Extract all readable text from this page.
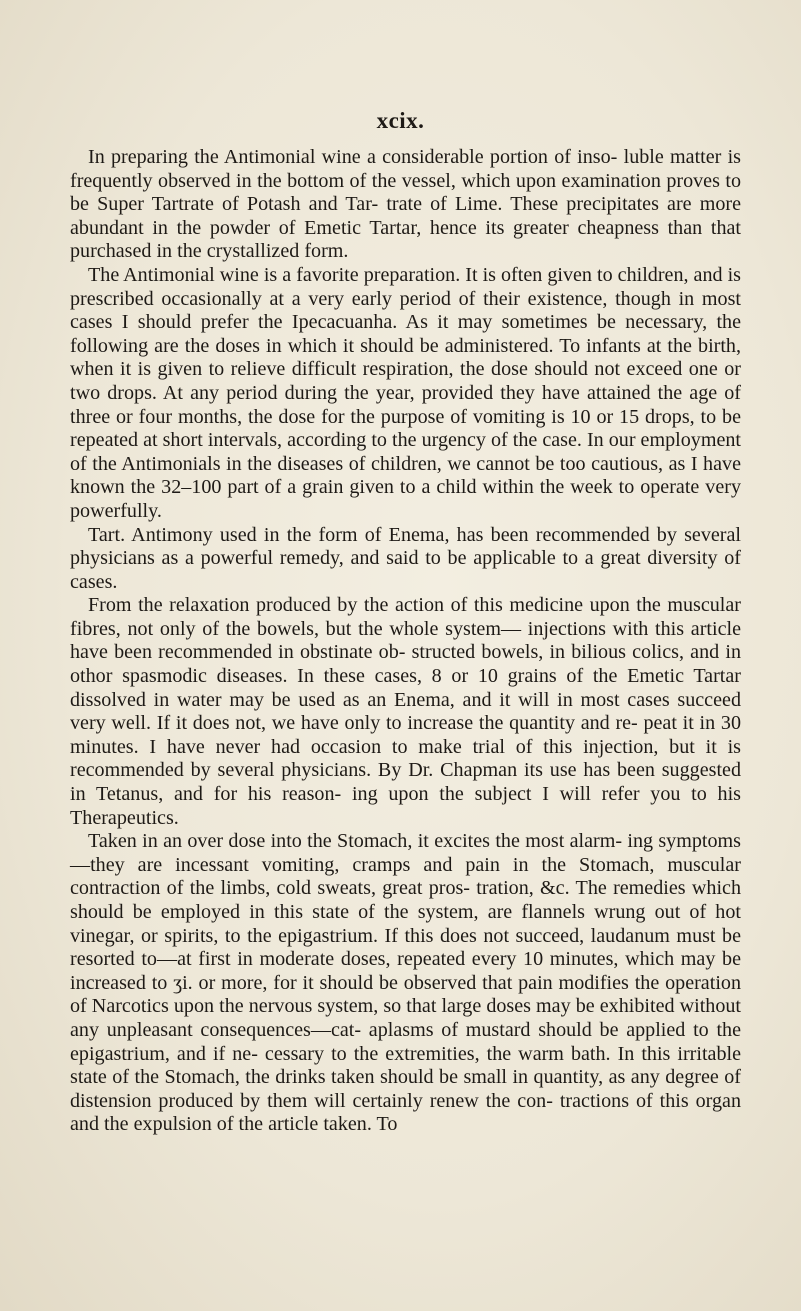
xcix.

In preparing the Antimonial wine a considerable portion of inso- luble matter is frequently observed in the bottom of the vessel, which upon examination proves to be Super Tartrate of Potash and Tar- trate of Lime. These precipitates are more abundant in the powder of Emetic Tartar, hence its greater cheapness than that purchased in the crystallized form.

The Antimonial wine is a favorite preparation. It is often given to children, and is prescribed occasionally at a very early period of their existence, though in most cases I should prefer the Ipecacuanha. As it may sometimes be necessary, the following are the doses in which it should be administered. To infants at the birth, when it is given to relieve difficult respiration, the dose should not exceed one or two drops. At any period during the year, provided they have attained the age of three or four months, the dose for the purpose of vomiting is 10 or 15 drops, to be repeated at short intervals, according to the urgency of the case. In our employment of the Antimonials in the diseases of children, we cannot be too cautious, as I have known the 32–100 part of a grain given to a child within the week to operate very powerfully.

Tart. Antimony used in the form of Enema, has been recommended by several physicians as a powerful remedy, and said to be applicable to a great diversity of cases.

From the relaxation produced by the action of this medicine upon the muscular fibres, not only of the bowels, but the whole system— injections with this article have been recommended in obstinate ob- structed bowels, in bilious colics, and in othor spasmodic diseases. In these cases, 8 or 10 grains of the Emetic Tartar dissolved in water may be used as an Enema, and it will in most cases succeed very well. If it does not, we have only to increase the quantity and re- peat it in 30 minutes. I have never had occasion to make trial of this injection, but it is recommended by several physicians. By Dr. Chapman its use has been suggested in Tetanus, and for his reason- ing upon the subject I will refer you to his Therapeutics.

Taken in an over dose into the Stomach, it excites the most alarm- ing symptoms—they are incessant vomiting, cramps and pain in the Stomach, muscular contraction of the limbs, cold sweats, great pros- tration, &c. The remedies which should be employed in this state of the system, are flannels wrung out of hot vinegar, or spirits, to the epigastrium. If this does not succeed, laudanum must be resorted to—at first in moderate doses, repeated every 10 minutes, which may be increased to ʒi. or more, for it should be observed that pain modifies the operation of Narcotics upon the nervous system, so that large doses may be exhibited without any unpleasant consequences—cat- aplasms of mustard should be applied to the epigastrium, and if ne- cessary to the extremities, the warm bath. In this irritable state of the Stomach, the drinks taken should be small in quantity, as any degree of distension produced by them will certainly renew the con- tractions of this organ and the expulsion of the article taken. To
